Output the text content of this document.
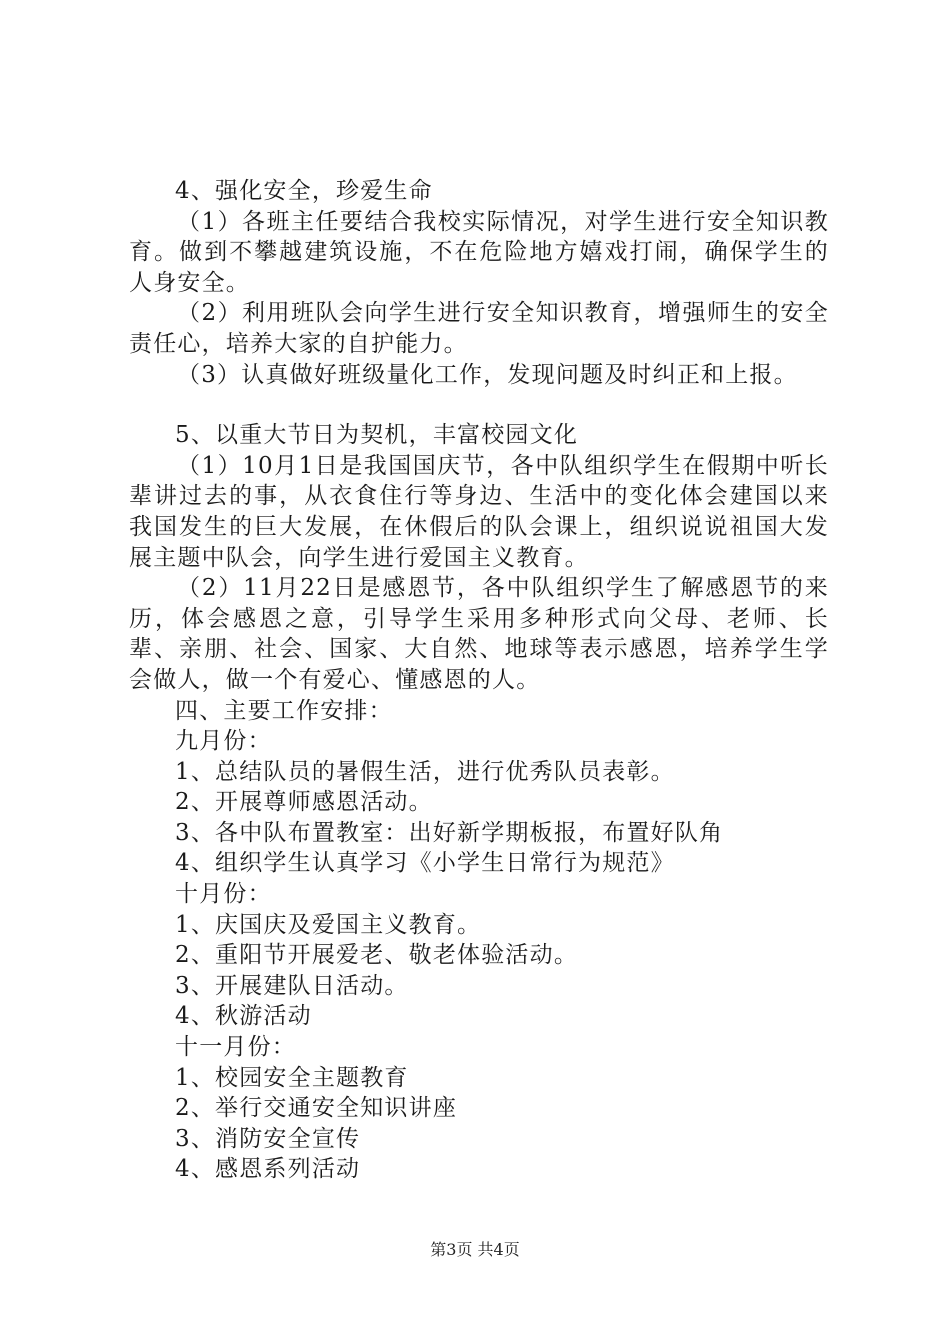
4、强化安全，珍爱生命

（1）各班主任要结合我校实际情况，对学生进行安全知识教育。做到不攀越建筑设施，不在危险地方嬉戏打闹，确保学生的人身安全。

（2）利用班队会向学生进行安全知识教育，增强师生的安全责任心，培养大家的自护能力。

（3）认真做好班级量化工作，发现问题及时纠正和上报。

5、以重大节日为契机，丰富校园文化

（1）10月1日是我国国庆节，各中队组织学生在假期中听长辈讲过去的事，从衣食住行等身边、生活中的变化体会建国以来我国发生的巨大发展，在休假后的队会课上，组织说说祖国大发展主题中队会，向学生进行爱国主义教育。

（2）11月22日是感恩节，各中队组织学生了解感恩节的来历，体会感恩之意，引导学生采用多种形式向父母、老师、长辈、亲朋、社会、国家、大自然、地球等表示感恩，培养学生学会做人，做一个有爱心、懂感恩的人。

四、主要工作安排：

九月份：

1、总结队员的暑假生活，进行优秀队员表彰。

2、开展尊师感恩活动。

3、各中队布置教室：出好新学期板报，布置好队角

4、组织学生认真学习《小学生日常行为规范》

十月份：

1、庆国庆及爱国主义教育。

2、重阳节开展爱老、敬老体验活动。

3、开展建队日活动。

4、秋游活动

十一月份：

1、校园安全主题教育

2、举行交通安全知识讲座

3、消防安全宣传

4、感恩系列活动

第3页 共4页
